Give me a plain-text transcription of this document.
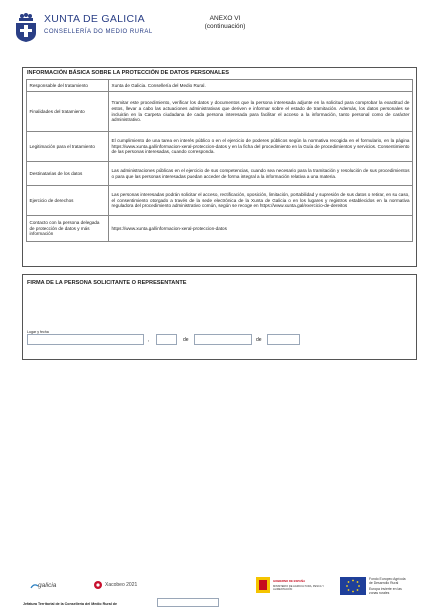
XUNTA DE GALICIA
CONSELLERÍA DO MEDIO RURAL
ANEXO VI
(continuación)
INFORMACIÓN BÁSICA SOBRE LA PROTECCIÓN DE DATOS PERSONALES
Responsable del tratamiento	Xunta de Galicia. Consellería del Medio Rural.
Finalidades del tratamiento	Tramitar este procedimiento, verificar los datos y documentos que la persona interesada adjunte en la solicitud para comprobar la exactitud de estos, llevar a cabo las actuaciones administrativas que deriven e informar sobre el estado de tramitación. Además, los datos personales se incluirán en la Carpeta ciudadana de cada persona interesada para facilitar el acceso a la información, tanto personal como de carácter administrativo.
Legitimación para el tratamiento	El cumplimiento de una tarea en interés público o en el ejercicio de poderes públicos según la normativa recogida en el formulario, en la página https://www.xunta.gal/informacion-xeral-proteccion-datos y en la ficha del procedimiento en la Guía de procedimientos y servicios. Consentimiento de las personas interesadas, cuando corresponda.
Destinatarias de los datos	Las administraciones públicas en el ejercicio de sus competencias, cuando sea necesario para la tramitación y resolución de sus procedimientos o para que las personas interesadas puedan acceder de forma integral a la información relativa a una materia.
Ejercicio de derechos	Las personas interesadas podrán solicitar el acceso, rectificación, oposición, limitación, portabilidad y supresión de sus datos o retirar, en su caso, el consentimiento otorgado a través de la sede electrónica de la Xunta de Galicia o en los lugares y registros establecidos en la normativa reguladora del procedimiento administrativo común, según se recoge en https://www.xunta.gal/exercicio-de-dereitos
Contacto con la persona delegada de protección de datos y más información	https://www.xunta.gal/informacion-xeral-proteccion-datos
FIRMA DE LA PERSONA SOLICITANTE O REPRESENTANTE
Lugar y fecha
,	de	de
galicia	Xacobeo 2021
GOBIERNO DE ESPAÑA
MINISTERIO DE AGRICULTURA, PESCA Y ALIMENTACIÓN
Fondo Europeo Agrícola
de Desarrollo Rural
Europa invierte en las
zonas rurales
Jefatura Territorial de la Consellería del Medio Rural de
